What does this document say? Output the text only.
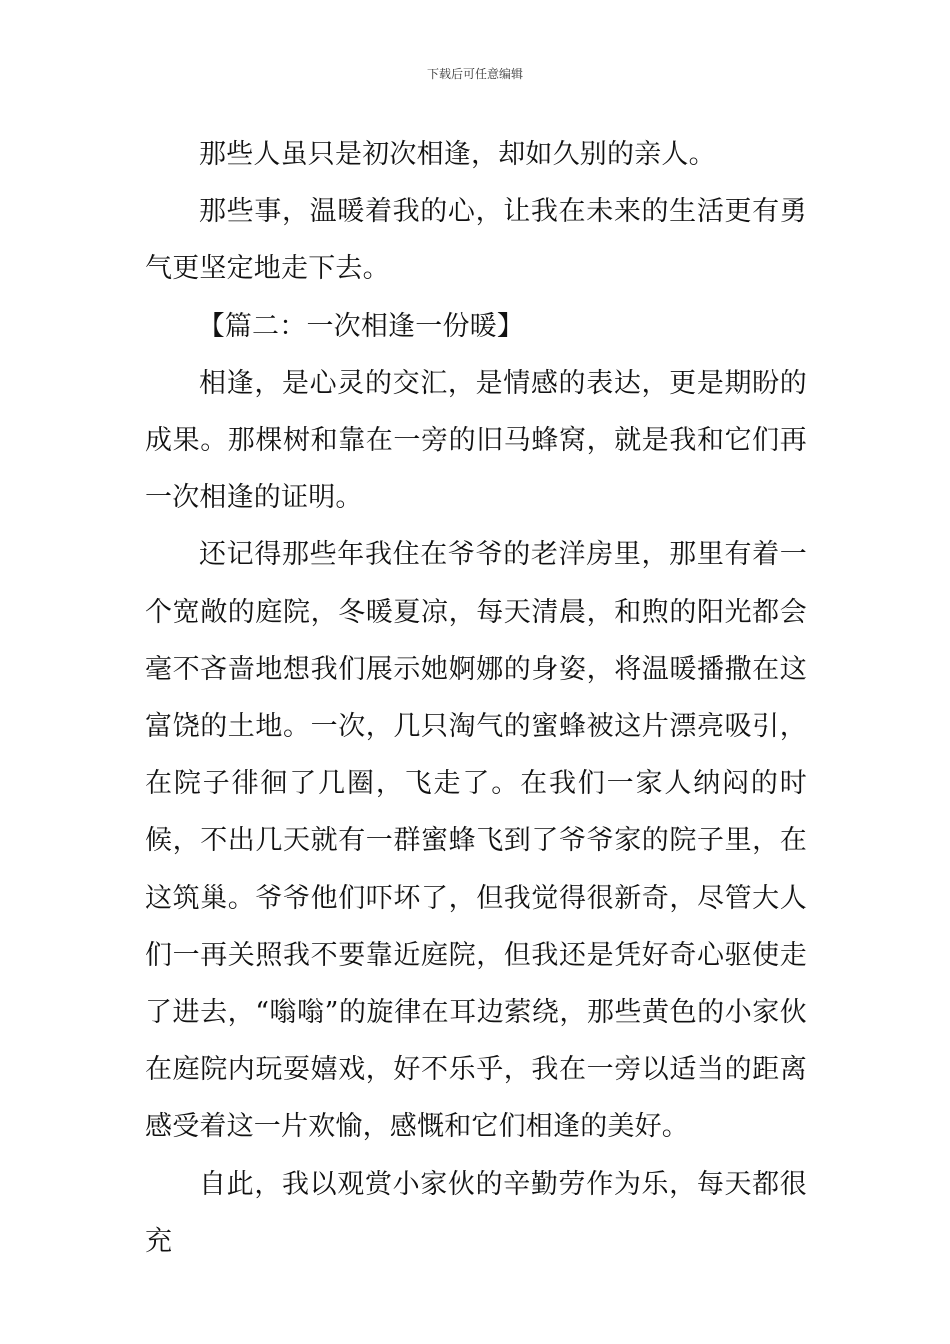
下载后可任意编辑

那些人虽只是初次相逢，却如久别的亲人。

那些事，温暖着我的心，让我在未来的生活更有勇气更坚定地走下去。

【篇二：一次相逢一份暖】

相逢，是心灵的交汇，是情感的表达，更是期盼的成果。那棵树和靠在一旁的旧马蜂窝，就是我和它们再一次相逢的证明。

还记得那些年我住在爷爷的老洋房里，那里有着一个宽敞的庭院，冬暖夏凉，每天清晨，和煦的阳光都会毫不吝啬地想我们展示她婀娜的身姿，将温暖播撒在这富饶的土地。一次，几只淘气的蜜蜂被这片漂亮吸引，在院子徘徊了几圈，飞走了。在我们一家人纳闷的时候，不出几天就有一群蜜蜂飞到了爷爷家的院子里，在这筑巢。爷爷他们吓坏了，但我觉得很新奇，尽管大人们一再关照我不要靠近庭院，但我还是凭好奇心驱使走了进去，“嗡嗡”的旋律在耳边萦绕，那些黄色的小家伙在庭院内玩耍嬉戏，好不乐乎，我在一旁以适当的距离感受着这一片欢愉，感慨和它们相逢的美好。

自此，我以观赏小家伙的辛勤劳作为乐，每天都很充
